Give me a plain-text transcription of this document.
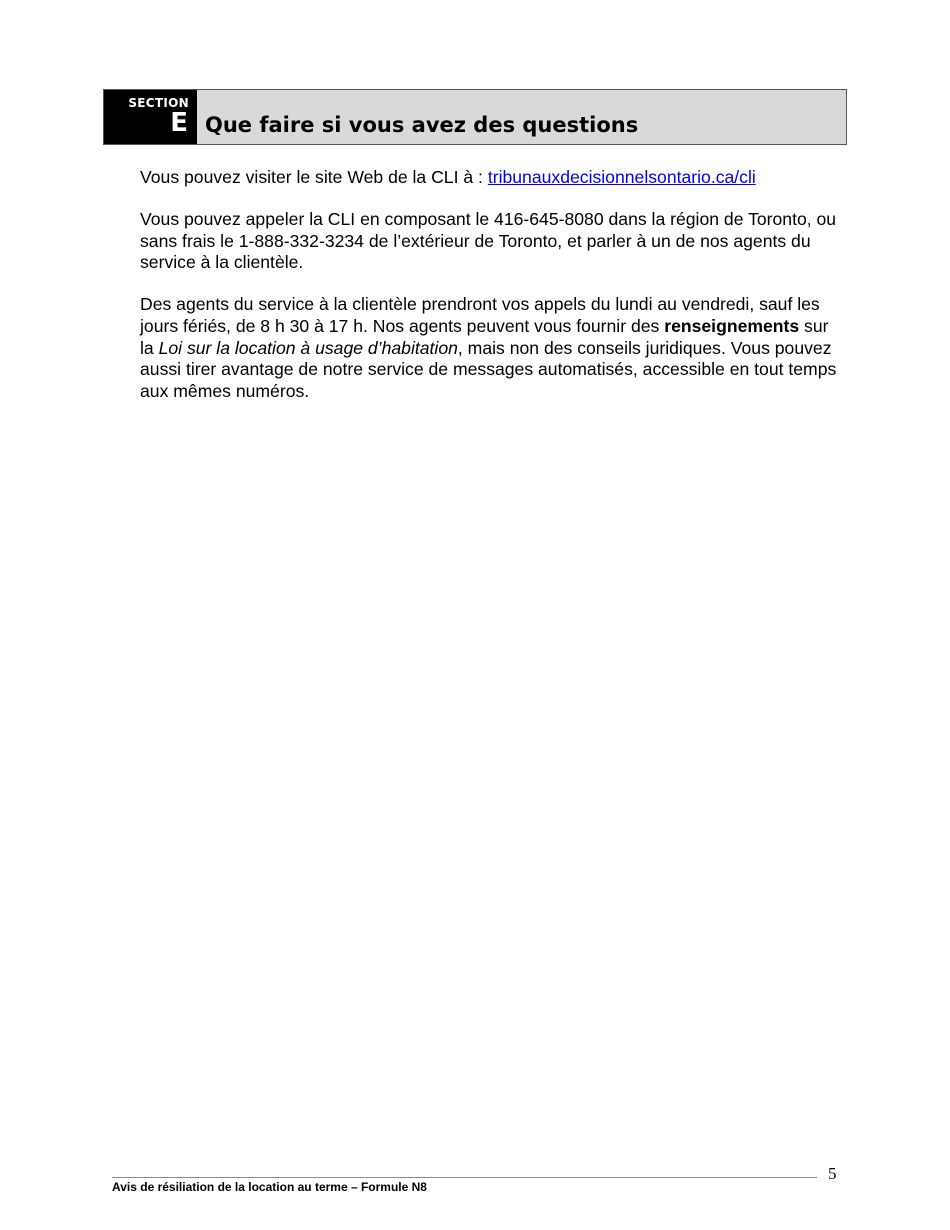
SECTION
E Que faire si vous avez des questions

Vous pouvez visiter le site Web de la CLI à : tribunauxdecisionnelsontario.ca/cli

Vous pouvez appeler la CLI en composant le 416-645-8080 dans la région de Toronto, ou sans frais le 1-888-332-3234 de l’extérieur de Toronto, et parler à un de nos agents du service à la clientèle.

Des agents du service à la clientèle prendront vos appels du lundi au vendredi, sauf les jours fériés, de 8 h 30 à 17 h. Nos agents peuvent vous fournir des renseignements sur la Loi sur la location à usage d’habitation, mais non des conseils juridiques. Vous pouvez aussi tirer avantage de notre service de messages automatisés, accessible en tout temps aux mêmes numéros.

Avis de résiliation de la location au terme – Formule N8
5
